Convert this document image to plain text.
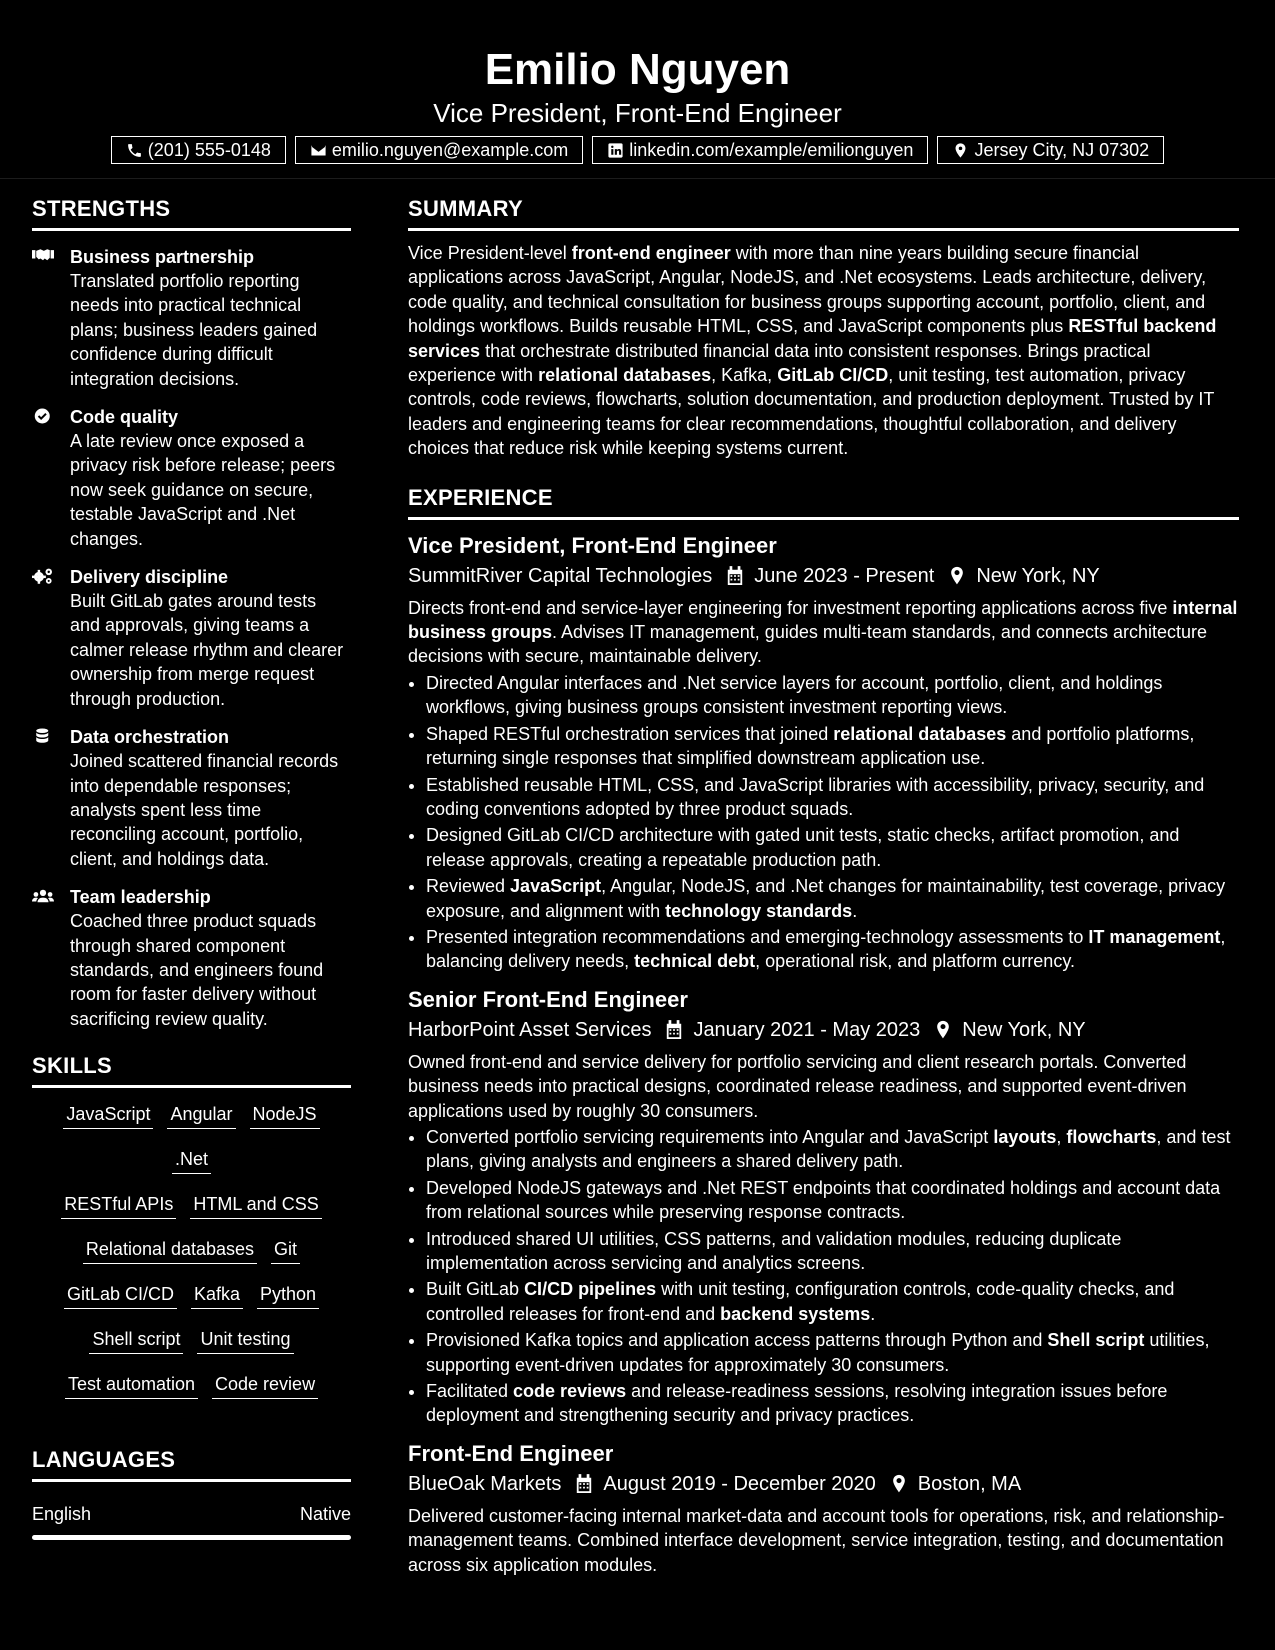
Emilio Nguyen
Vice President, Front-End Engineer
(201) 555-0148	emilio.nguyen@example.com	linkedin.com/example/emilionguyen	Jersey City, NJ 07302
STRENGTHS
Business partnership
Translated portfolio reporting needs into practical technical plans; business leaders gained confidence during difficult integration decisions.
Code quality
A late review once exposed a privacy risk before release; peers now seek guidance on secure, testable JavaScript and .Net changes.
Delivery discipline
Built GitLab gates around tests and approvals, giving teams a calmer release rhythm and clearer ownership from merge request through production.
Data orchestration
Joined scattered financial records into dependable responses; analysts spent less time reconciling account, portfolio, client, and holdings data.
Team leadership
Coached three product squads through shared component standards, and engineers found room for faster delivery without sacrificing review quality.
SKILLS
JavaScript Angular NodeJS.Net
RESTful APIs HTML and CSS
Relational databases Git
GitLab CI/CD Kafka Python
Shell script Unit testing
Test automation Code review
LANGUAGES
English	Native
SUMMARY
Vice President-level front-end engineer with more than nine years building secure financial applications across JavaScript, Angular, NodeJS, and .Net ecosystems. Leads architecture, delivery, code quality, and technical consultation for business groups supporting account, portfolio, client, and holdings workflows. Builds reusable HTML, CSS, and JavaScript components plus RESTful backend services that orchestrate distributed financial data into consistent responses. Brings practical experience with relational databases, Kafka, GitLab CI/CD, unit testing, test automation, privacy controls, code reviews, flowcharts, solution documentation, and production deployment. Trusted by IT leaders and engineering teams for clear recommendations, thoughtful collaboration, and delivery choices that reduce risk while keeping systems current.
EXPERIENCE
Vice President, Front-End Engineer
SummitRiver Capital Technologies June 2023 - Present New York, NY
Directs front-end and service-layer engineering for investment reporting applications across five internal business groups. Advises IT management, guides multi-team standards, and connects architecture decisions with secure, maintainable delivery.
• Directed Angular interfaces and .Net service layers for account, portfolio, client, and holdings workflows, giving business groups consistent investment reporting views.
• Shaped RESTful orchestration services that joined relational databases and portfolio platforms, returning single responses that simplified downstream application use.
• Established reusable HTML, CSS, and JavaScript libraries with accessibility, privacy, security, and coding conventions adopted by three product squads.
• Designed GitLab CI/CD architecture with gated unit tests, static checks, artifact promotion, and release approvals, creating a repeatable production path.
• Reviewed JavaScript, Angular, NodeJS, and .Net changes for maintainability, test coverage, privacy exposure, and alignment with technology standards.
• Presented integration recommendations and emerging-technology assessments to IT management, balancing delivery needs, technical debt, operational risk, and platform currency.
Senior Front-End Engineer
HarborPoint Asset Services January 2021 - May 2023 New York, NY
Owned front-end and service delivery for portfolio servicing and client research portals. Converted business needs into practical designs, coordinated release readiness, and supported event-driven applications used by roughly 30 consumers.
• Converted portfolio servicing requirements into Angular and JavaScript layouts, flowcharts, and test plans, giving analysts and engineers a shared delivery path.
• Developed NodeJS gateways and .Net REST endpoints that coordinated holdings and account data from relational sources while preserving response contracts.
• Introduced shared UI utilities, CSS patterns, and validation modules, reducing duplicate implementation across servicing and analytics screens.
• Built GitLab CI/CD pipelines with unit testing, configuration controls, code-quality checks, and controlled releases for front-end and backend systems.
• Provisioned Kafka topics and application access patterns through Python and Shell script utilities, supporting event-driven updates for approximately 30 consumers.
• Facilitated code reviews and release-readiness sessions, resolving integration issues before deployment and strengthening security and privacy practices.
Front-End Engineer
BlueOak Markets August 2019 - December 2020 Boston, MA
Delivered customer-facing internal market-data and account tools for operations, risk, and relationship-management teams. Combined interface development, service integration, testing, and documentation across six application modules.
